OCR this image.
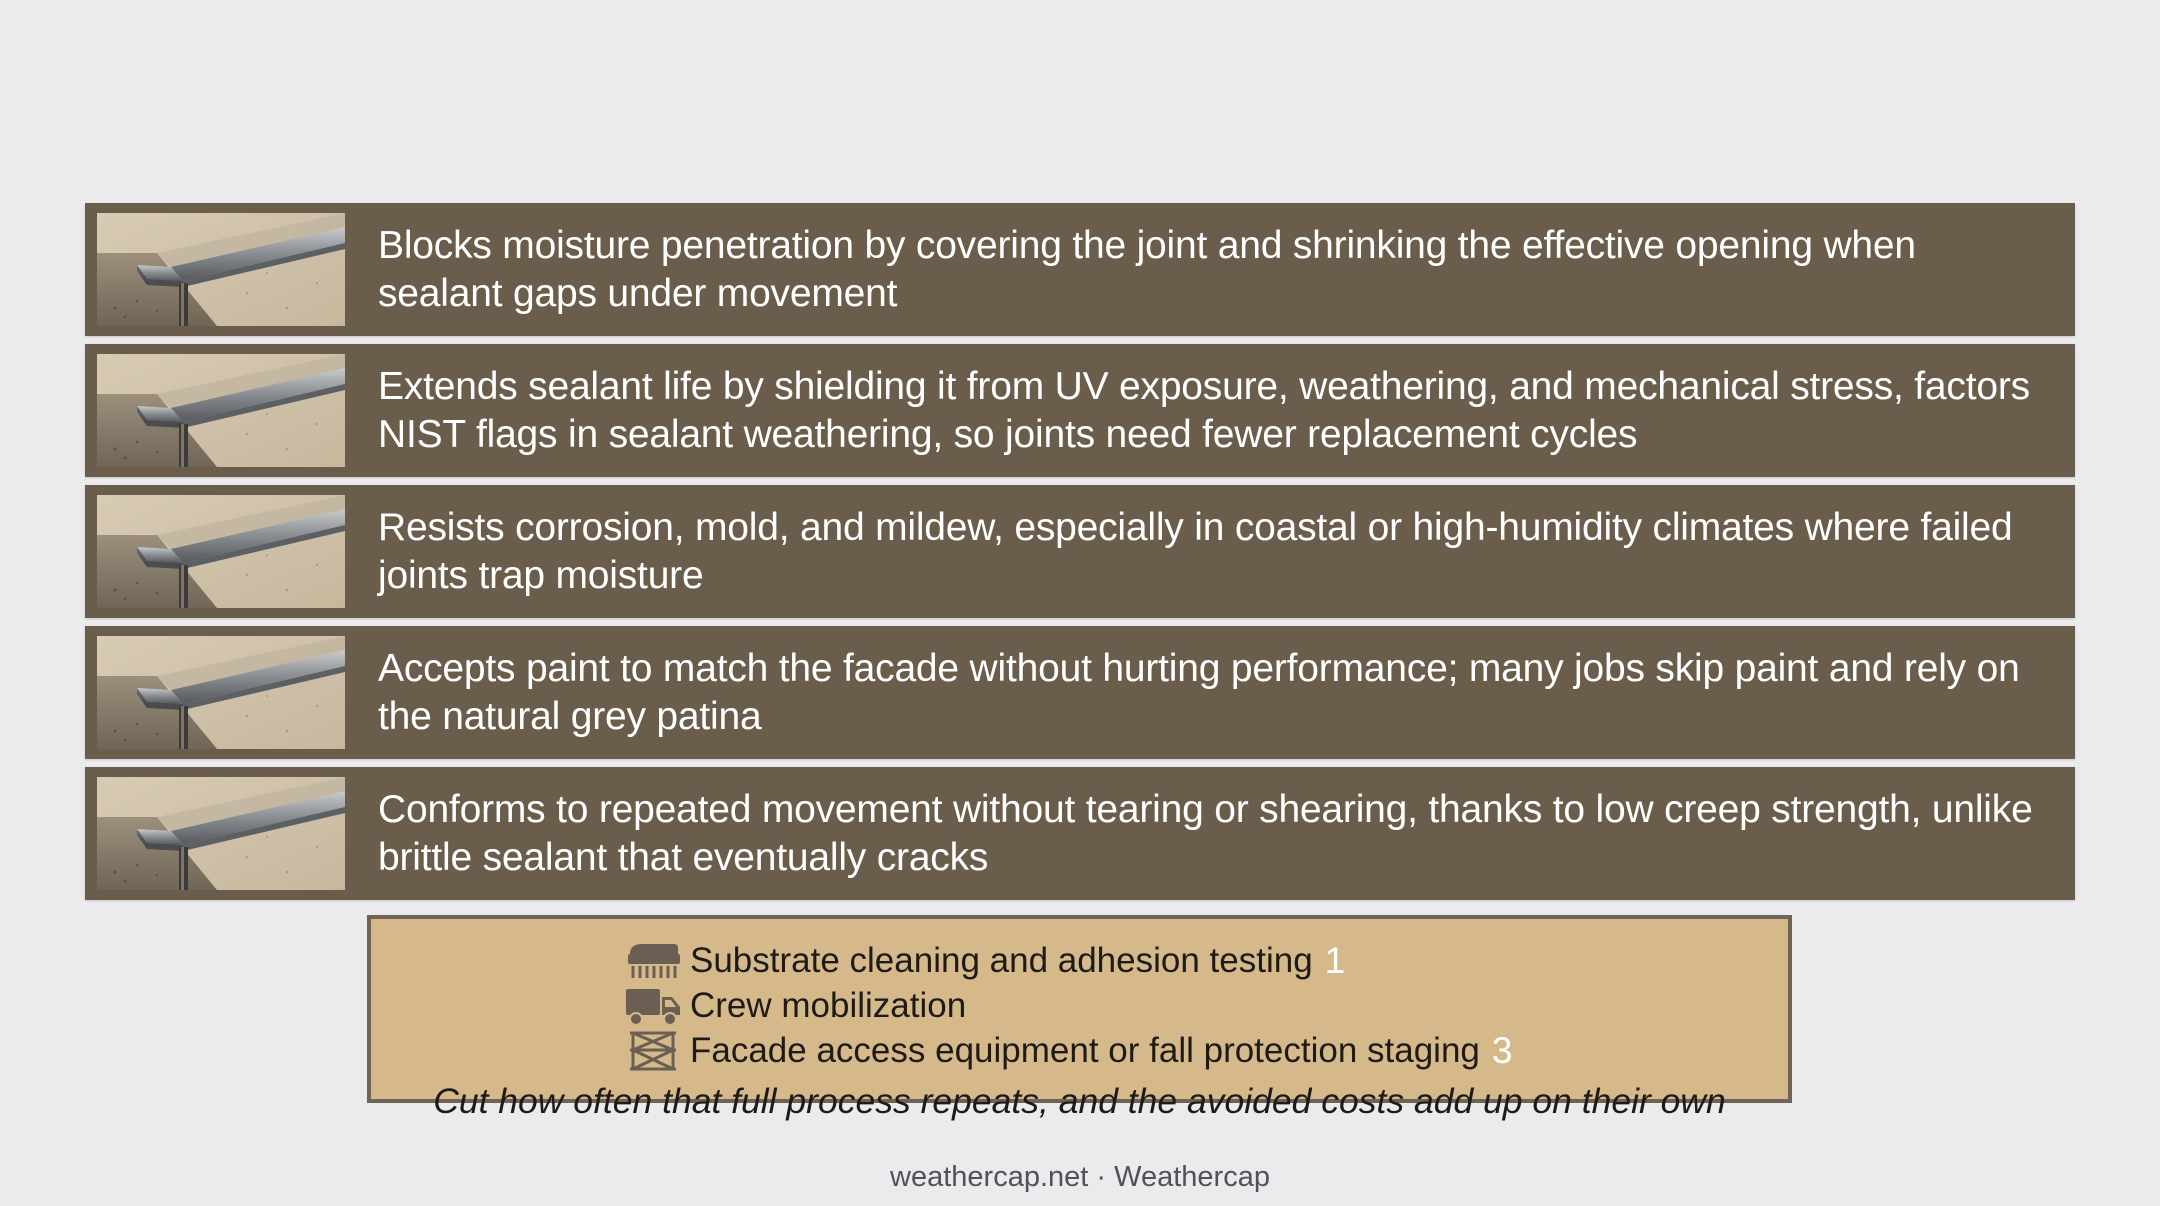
Blocks moisture penetration by covering the joint and shrinking the effective opening when sealant gaps under movement
Extends sealant life by shielding it from UV exposure, weathering, and mechanical stress, factors NIST flags in sealant weathering, so joints need fewer replacement cycles
Resists corrosion, mold, and mildew, especially in coastal or high-humidity climates where failed joints trap moisture
Accepts paint to match the facade without hurting performance; many jobs skip paint and rely on the natural grey patina
Conforms to repeated movement without tearing or shearing, thanks to low creep strength, unlike brittle sealant that eventually cracks
Substrate cleaning and adhesion testing 1
Crew mobilization
Facade access equipment or fall protection staging 3
Cut how often that full process repeats, and the avoided costs add up on their own
weathercap.net · Weathercap
